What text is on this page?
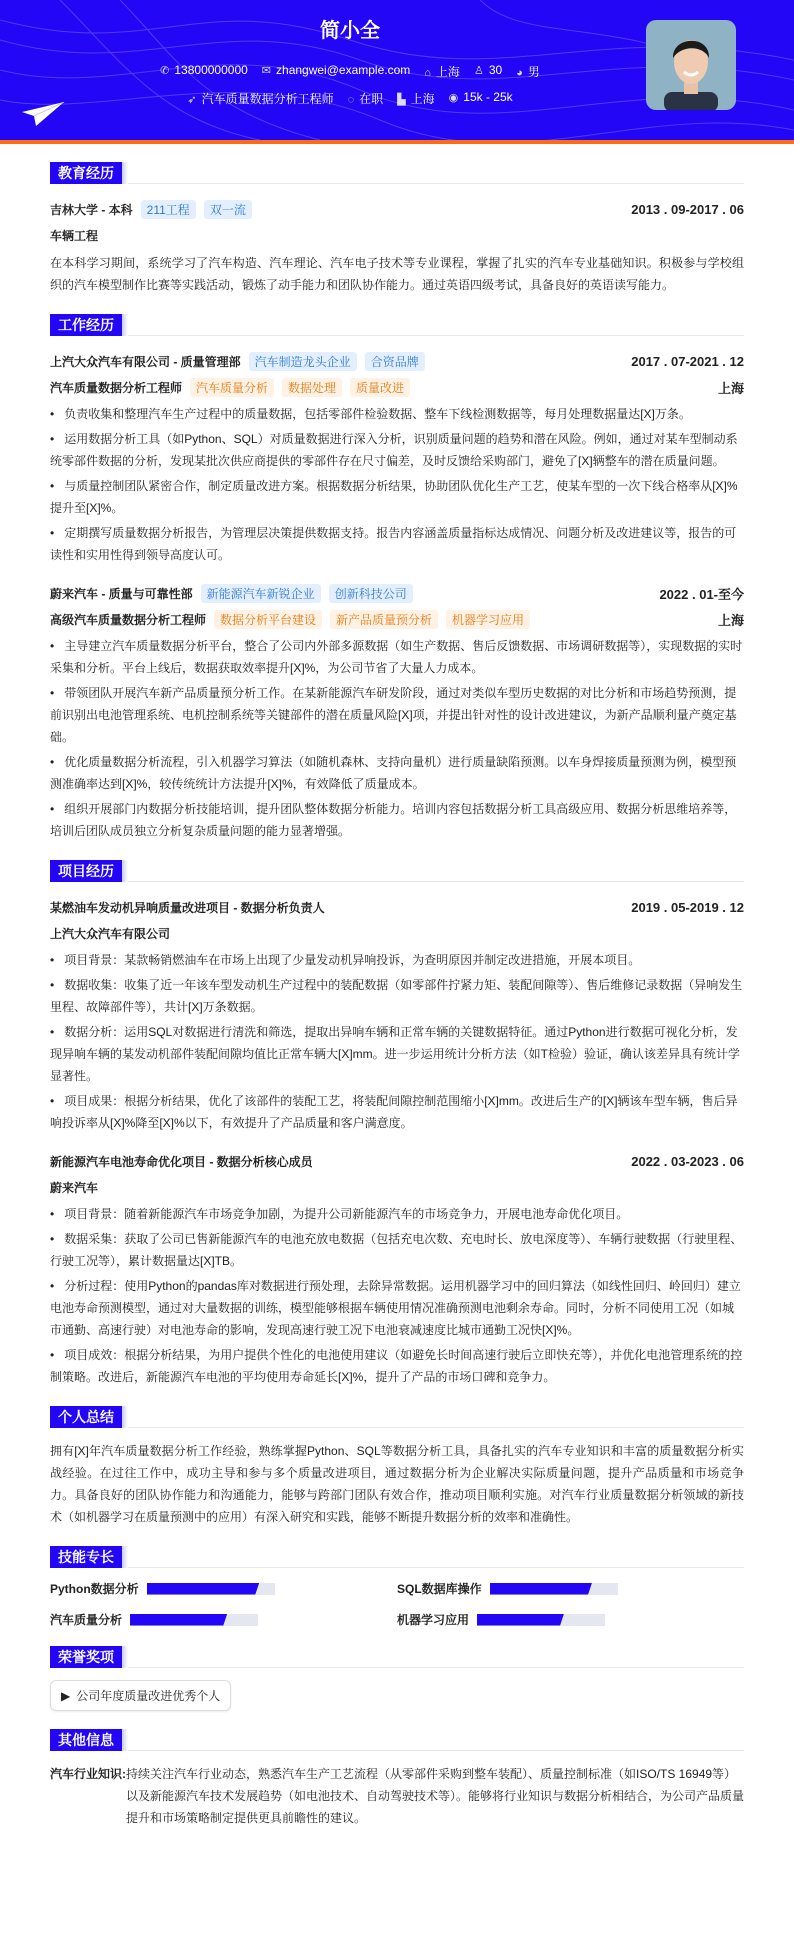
简小全
✆ 13800000000 ✉ zhangwei@example.com ⌂ 上海 ♙ 30 ◕ 男
➶ 汽车质量数据分析工程师 ◌ 在职 ▙ 上海 ◉ 15k - 25k
教育经历
吉林大学 - 本科	211工程	双一流	2013 . 09-2017 . 06
车辆工程

在本科学习期间，系统学习了汽车构造、汽车理论、汽车电子技术等专业课程，掌握了扎实的汽车专业基础知识。积极参与学校组织的汽车模型制作比赛等实践活动，锻炼了动手能力和团队协作能力。通过英语四级考试，具备良好的英语读写能力。

工作经历
上汽大众汽车有限公司 - 质量管理部	汽车制造龙头企业	合资品牌	2017 . 07-2021 . 12
汽车质量数据分析工程师	汽车质量分析	数据处理	质量改进	上海
• 负责收集和整理汽车生产过程中的质量数据，包括零部件检验数据、整车下线检测数据等，每月处理数据量达[X]万条。
• 运用数据分析工具（如Python、SQL）对质量数据进行深入分析，识别质量问题的趋势和潜在风险。例如，通过对某车型制动系统零部件数据的分析，发现某批次供应商提供的零部件存在尺寸偏差，及时反馈给采购部门，避免了[X]辆整车的潜在质量问题。
• 与质量控制团队紧密合作，制定质量改进方案。根据数据分析结果，协助团队优化生产工艺，使某车型的一次下线合格率从[X]%提升至[X]%。
• 定期撰写质量数据分析报告，为管理层决策提供数据支持。报告内容涵盖质量指标达成情况、问题分析及改进建议等，报告的可读性和实用性得到领导高度认可。
蔚来汽车 - 质量与可靠性部	新能源汽车新锐企业	创新科技公司	2022 . 01-至今
高级汽车质量数据分析工程师	数据分析平台建设	新产品质量预分析	机器学习应用	上海
• 主导建立汽车质量数据分析平台，整合了公司内外部多源数据（如生产数据、售后反馈数据、市场调研数据等），实现数据的实时采集和分析。平台上线后，数据获取效率提升[X]%，为公司节省了大量人力成本。
• 带领团队开展汽车新产品质量预分析工作。在某新能源汽车研发阶段，通过对类似车型历史数据的对比分析和市场趋势预测，提前识别出电池管理系统、电机控制系统等关键部件的潜在质量风险[X]项，并提出针对性的设计改进建议，为新产品顺利量产奠定基础。
• 优化质量数据分析流程，引入机器学习算法（如随机森林、支持向量机）进行质量缺陷预测。以车身焊接质量预测为例，模型预测准确率达到[X]%，较传统统计方法提升[X]%，有效降低了质量成本。
• 组织开展部门内数据分析技能培训，提升团队整体数据分析能力。培训内容包括数据分析工具高级应用、数据分析思维培养等，培训后团队成员独立分析复杂质量问题的能力显著增强。
项目经历
某燃油车发动机异响质量改进项目 - 数据分析负责人	2019 . 05-2019 . 12
上汽大众汽车有限公司
• 项目背景：某款畅销燃油车在市场上出现了少量发动机异响投诉，为查明原因并制定改进措施，开展本项目。
• 数据收集：收集了近一年该车型发动机生产过程中的装配数据（如零部件拧紧力矩、装配间隙等）、售后维修记录数据（异响发生里程、故障部件等），共计[X]万条数据。
• 数据分析：运用SQL对数据进行清洗和筛选，提取出异响车辆和正常车辆的关键数据特征。通过Python进行数据可视化分析，发现异响车辆的某发动机部件装配间隙均值比正常车辆大[X]mm。进一步运用统计分析方法（如T检验）验证，确认该差异具有统计学显著性。
• 项目成果：根据分析结果，优化了该部件的装配工艺，将装配间隙控制范围缩小[X]mm。改进后生产的[X]辆该车型车辆，售后异响投诉率从[X]%降至[X]%以下，有效提升了产品质量和客户满意度。
新能源汽车电池寿命优化项目 - 数据分析核心成员	2022 . 03-2023 . 06
蔚来汽车
• 项目背景：随着新能源汽车市场竞争加剧，为提升公司新能源汽车的市场竞争力，开展电池寿命优化项目。
• 数据采集：获取了公司已售新能源汽车的电池充放电数据（包括充电次数、充电时长、放电深度等）、车辆行驶数据（行驶里程、行驶工况等），累计数据量达[X]TB。
• 分析过程：使用Python的pandas库对数据进行预处理，去除异常数据。运用机器学习中的回归算法（如线性回归、岭回归）建立电池寿命预测模型，通过对大量数据的训练，模型能够根据车辆使用情况准确预测电池剩余寿命。同时，分析不同使用工况（如城市通勤、高速行驶）对电池寿命的影响，发现高速行驶工况下电池衰减速度比城市通勤工况快[X]%。
• 项目成效：根据分析结果，为用户提供个性化的电池使用建议（如避免长时间高速行驶后立即快充等），并优化电池管理系统的控制策略。改进后，新能源汽车电池的平均使用寿命延长[X]%，提升了产品的市场口碑和竞争力。
个人总结

拥有[X]年汽车质量数据分析工作经验，熟练掌握Python、SQL等数据分析工具，具备扎实的汽车专业知识和丰富的质量数据分析实战经验。在过往工作中，成功主导和参与多个质量改进项目，通过数据分析为企业解决实际质量问题，提升产品质量和市场竞争力。具备良好的团队协作能力和沟通能力，能够与跨部门团队有效合作，推动项目顺利实施。对汽车行业质量数据分析领域的新技术（如机器学习在质量预测中的应用）有深入研究和实践，能够不断提升数据分析的效率和准确性。

技能专长
Python数据分析	SQL数据库操作
汽车质量分析	机器学习应用
荣誉奖项
▶ 公司年度质量改进优秀个人
其他信息
汽车行业知识: 持续关注汽车行业动态，熟悉汽车生产工艺流程（从零部件采购到整车装配）、质量控制标准（如ISO/TS 16949等）以及新能源汽车技术发展趋势（如电池技术、自动驾驶技术等）。能够将行业知识与数据分析相结合，为公司产品质量提升和市场策略制定提供更具前瞻性的建议。
